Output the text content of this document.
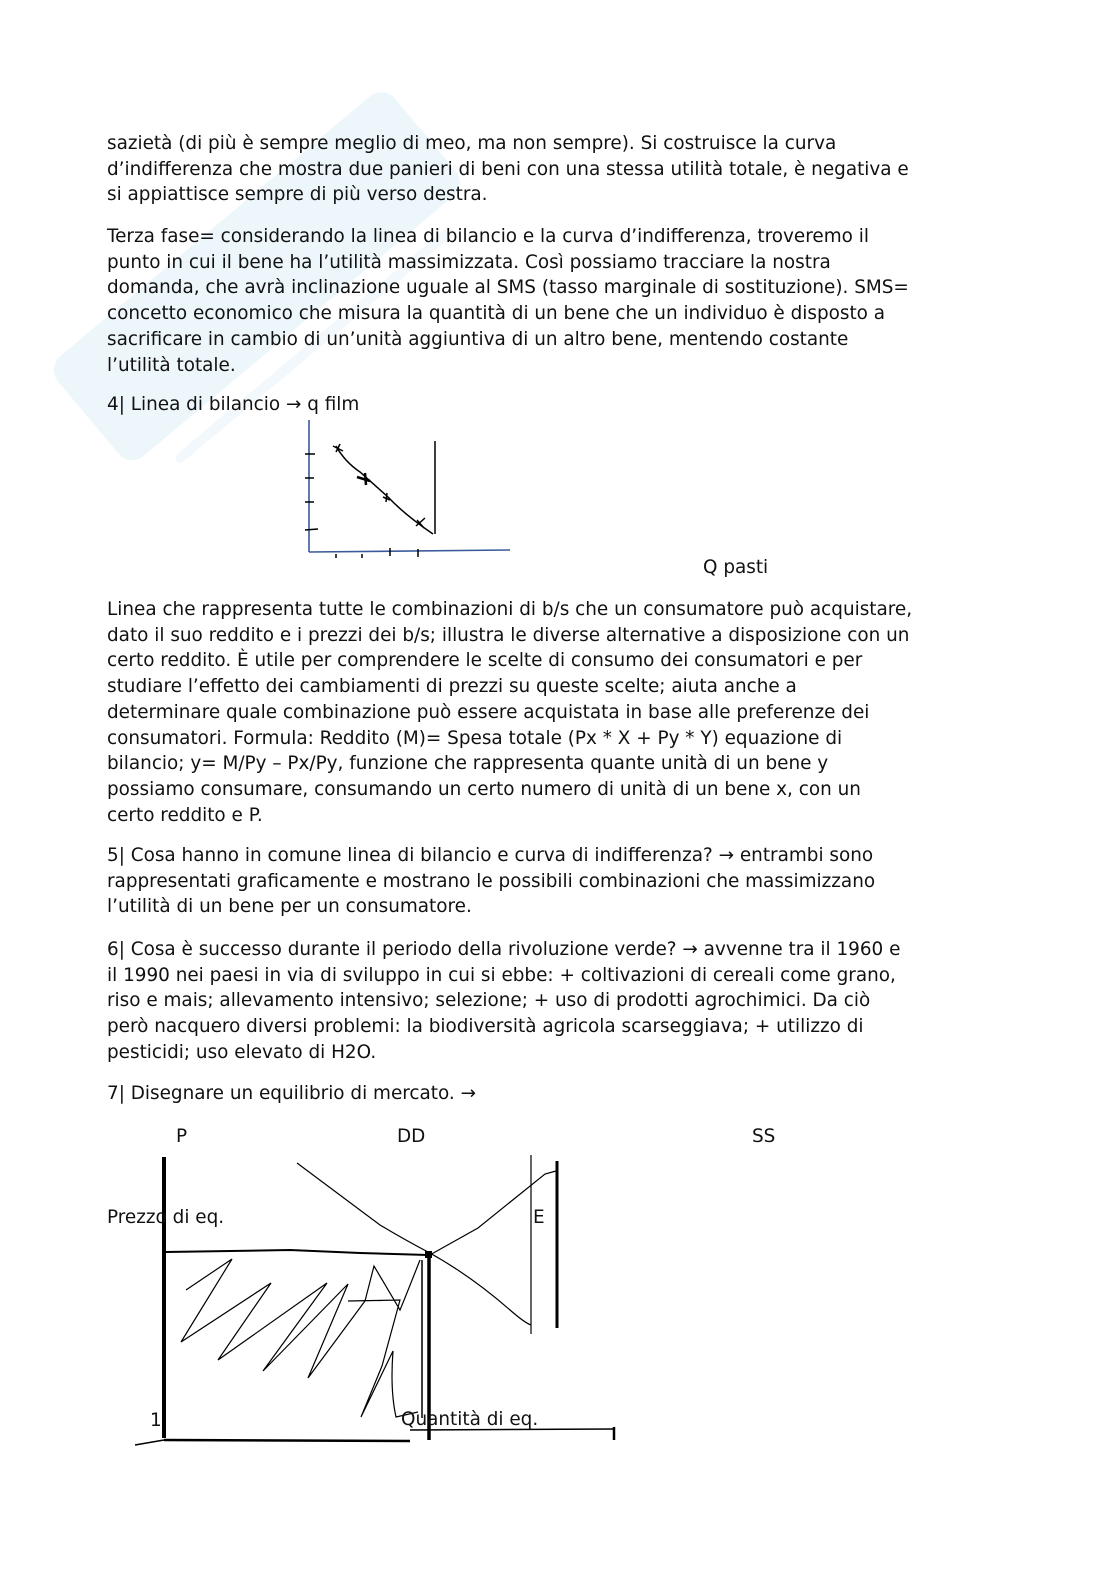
sazietà (di più è sempre meglio di meo, ma non sempre). Si costruisce la curva
d’indifferenza che mostra due panieri di beni con una stessa utilità totale, è negativa e
si appiattisce sempre di più verso destra.
Terza fase= considerando la linea di bilancio e la curva d’indifferenza, troveremo il
punto in cui il bene ha l’utilità massimizzata. Così possiamo tracciare la nostra
domanda, che avrà inclinazione uguale al SMS (tasso marginale di sostituzione). SMS=
concetto economico che misura la quantità di un bene che un individuo è disposto a
sacrificare in cambio di un’unità aggiuntiva di un altro bene, mentendo costante
l’utilità totale.
4| Linea di bilancio → q film
Linea che rappresenta tutte le combinazioni di b/s che un consumatore può acquistare,
dato il suo reddito e i prezzi dei b/s; illustra le diverse alternative a disposizione con un
certo reddito. È utile per comprendere le scelte di consumo dei consumatori e per
studiare l’effetto dei cambiamenti di prezzi su queste scelte; aiuta anche a
determinare quale combinazione può essere acquistata in base alle preferenze dei
consumatori. Formula: Reddito (M)= Spesa totale (Px * X + Py * Y) equazione di
bilancio; y= M/Py – Px/Py, funzione che rappresenta quante unità di un bene y
possiamo consumare, consumando un certo numero di unità di un bene x, con un
certo reddito e P.
5| Cosa hanno in comune linea di bilancio e curva di indifferenza? → entrambi sono
rappresentati graficamente e mostrano le possibili combinazioni che massimizzano
l’utilità di un bene per un consumatore.
6| Cosa è successo durante il periodo della rivoluzione verde? → avvenne tra il 1960 e
il 1990 nei paesi in via di sviluppo in cui si ebbe: + coltivazioni di cereali come grano,
riso e mais; allevamento intensivo; selezione; + uso di prodotti agrochimici. Da ciò
però nacquero diversi problemi: la biodiversità agricola scarseggiava; + utilizzo di
pesticidi; uso elevato di H2O.
7| Disegnare un equilibrio di mercato. →
Q pasti
P	DD	SS
Prezzo di eq.	E
1	Quantità di eq.
